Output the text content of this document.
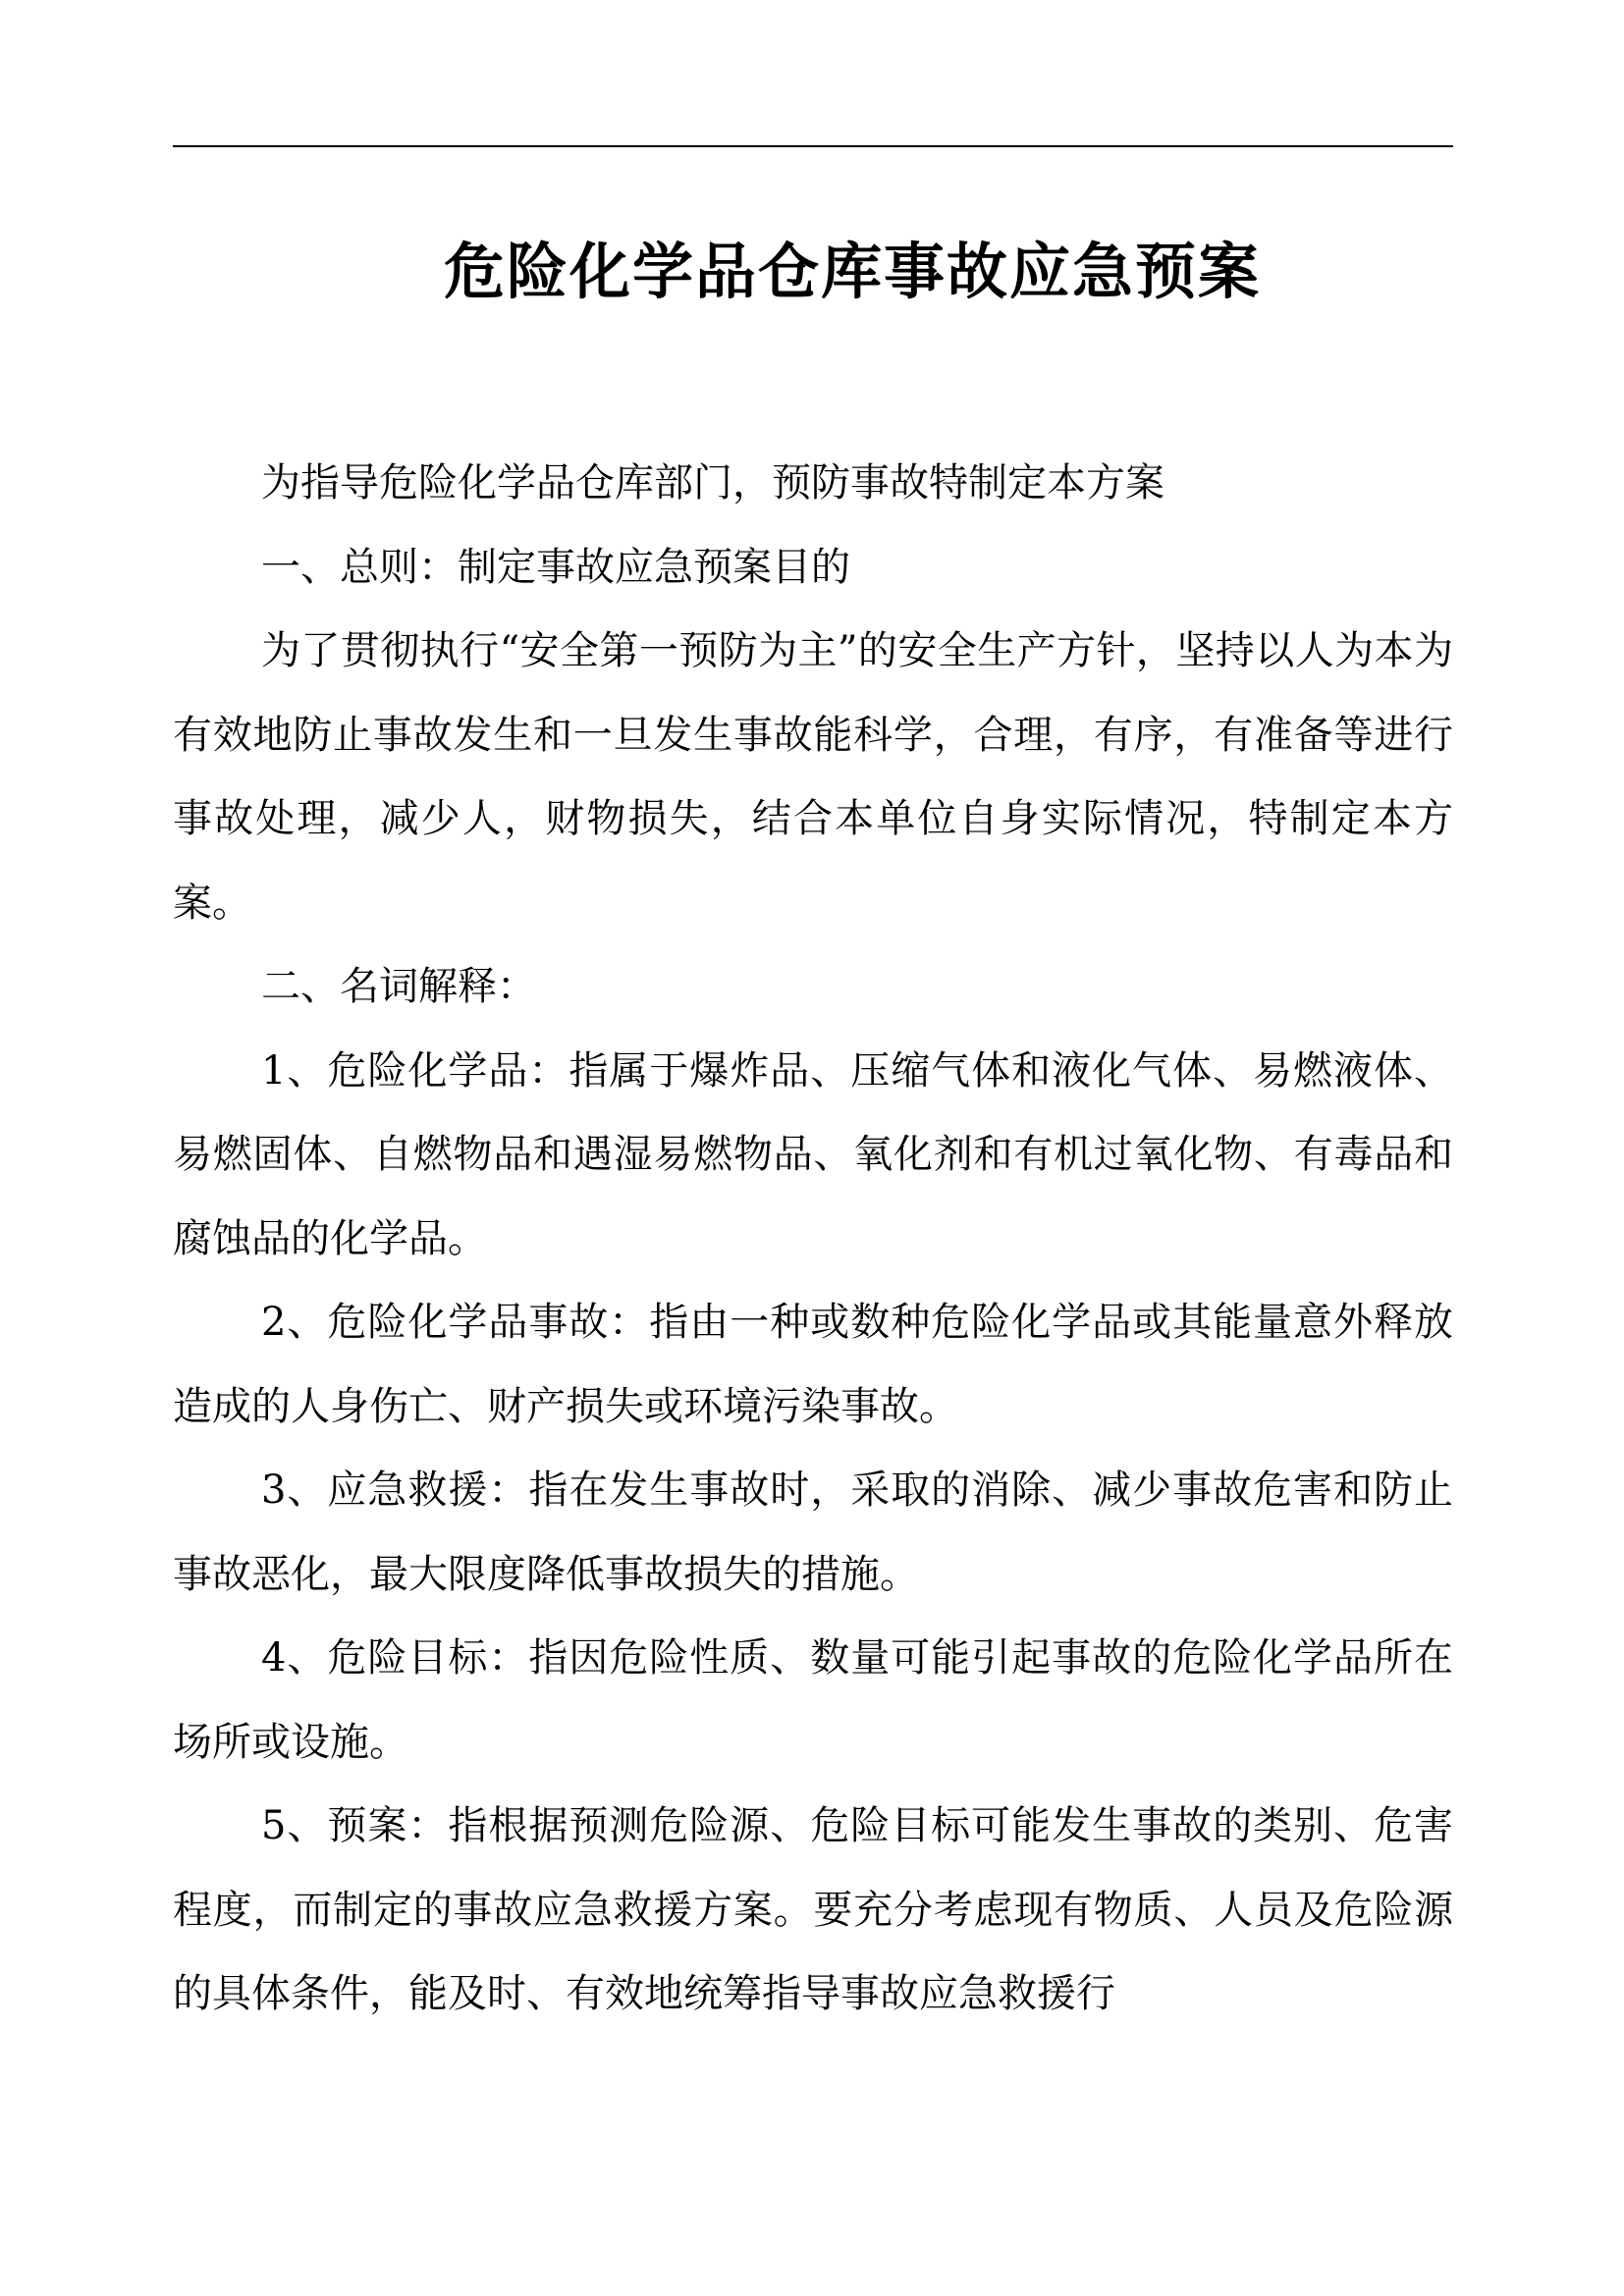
危险化学品仓库事故应急预案

为指导危险化学品仓库部门，预防事故特制定本方案

一、总则：制定事故应急预案目的

为了贯彻执行“安全第一预防为主”的安全生产方针，坚持以人为本为有效地防止事故发生和一旦发生事故能科学，合理，有序，有准备等进行事故处理，减少人，财物损失，结合本单位自身实际情况，特制定本方案。

二、名词解释：

1、危险化学品：指属于爆炸品、压缩气体和液化气体、易燃液体、易燃固体、自燃物品和遇湿易燃物品、氧化剂和有机过氧化物、有毒品和腐蚀品的化学品。

2、危险化学品事故：指由一种或数种危险化学品或其能量意外释放造成的人身伤亡、财产损失或环境污染事故。

3、应急救援：指在发生事故时，采取的消除、减少事故危害和防止事故恶化，最大限度降低事故损失的措施。

4、危险目标：指因危险性质、数量可能引起事故的危险化学品所在场所或设施。

5、预案：指根据预测危险源、危险目标可能发生事故的类别、危害程度，而制定的事故应急救援方案。要充分考虑现有物质、人员及危险源的具体条件，能及时、有效地统筹指导事故应急救援行
